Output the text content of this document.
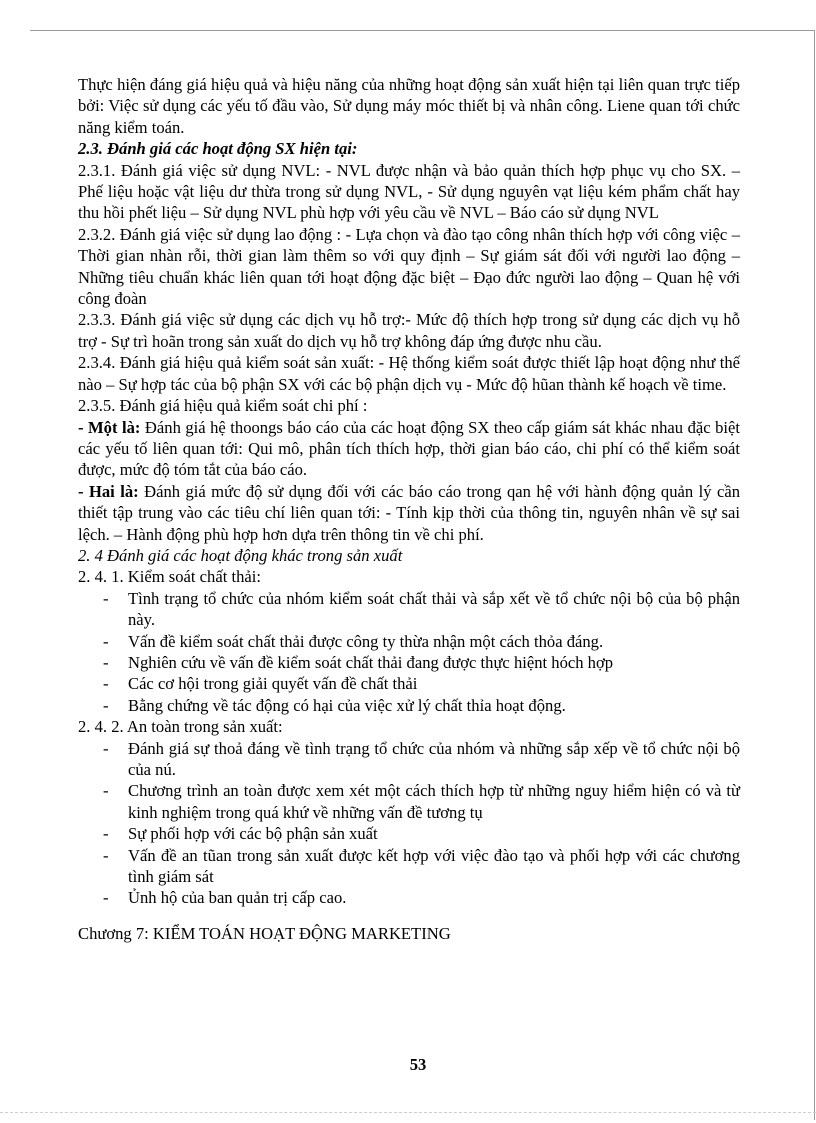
Thực hiện đáng giá hiệu quả và hiệu năng của những hoạt động sản xuất hiện tại liên quan trực tiếp bởi: Việc sử dụng các yếu tố đầu vào, Sử dụng máy móc thiết bị và nhân công. Liene quan tới chức năng kiểm toán.

2.3. Đánh giá các hoạt động SX hiện tại:

2.3.1. Đánh giá việc sử dụng NVL: - NVL được nhận và bảo quản thích hợp phục vụ cho SX. – Phế liệu hoặc vật liệu dư thừa trong sử dụng NVL, - Sử dụng nguyên vạt liệu kém phẩm chất hay thu hồi phết liệu – Sử dụng NVL phù hợp với yêu cầu về NVL – Báo cáo sử dụng NVL

2.3.2. Đánh giá việc sử dụng lao động : - Lựa chọn và đào tạo công nhân thích hợp với công việc – Thời gian nhàn rỗi, thời gian làm thêm so với quy định – Sự giám sát đối với người lao động – Những tiêu chuẩn khác liên quan tới hoạt động đặc biệt – Đạo đức người lao động – Quan hệ với công đoàn

2.3.3. Đánh giá việc sử dụng các dịch vụ hỗ trợ:- Mức độ thích hợp trong sử dụng các dịch vụ hỗ trợ - Sự trì hoãn trong sản xuất do dịch vụ hỗ trợ không đáp ứng được nhu cầu.

2.3.4. Đánh giá hiệu quả kiểm soát sản xuất: - Hệ thống kiểm soát được thiết lập hoạt động như thế nào – Sự hợp tác của bộ phận SX với các bộ phận dịch vụ - Mức độ hũan thành kế hoạch về time.

2.3.5. Đánh giá hiệu quả kiểm soát chi phí :

- Một là: Đánh giá hệ thoongs báo cáo của các hoạt động SX theo cấp giám sát khác nhau đặc biệt các yếu tố liên quan tới: Qui mô, phân tích thích hợp, thời gian báo cáo, chi phí có thể kiểm soát được, mức độ tóm tắt của báo cáo.

- Hai là: Đánh giá mức độ sử dụng đối với các báo cáo trong qan hệ với hành động quản lý cần thiết tập trung vào các tiêu chí liên quan tới: - Tính kịp thời của thông tin, nguyên nhân về sự sai lệch. – Hành động phù hợp hơn dựa trên thông tin về chi phí.

2. 4 Đánh giá các hoạt động khác trong sản xuất

2. 4. 1. Kiểm soát chất thải:

- Tình trạng tổ chức của nhóm kiểm soát chất thải và sắp xết về tổ chức nội bộ của bộ phận này.
- Vấn đề kiểm soát chất thải được công ty thừa nhận một cách thỏa đáng.
- Nghiên cứu về vấn đề kiểm soát chất thải đang được thực hiệnt hóch hợp
- Các cơ hội trong giải quyết vấn đề chất thải
- Bằng chứng về tác động có hại của việc xử lý chất thỉa hoạt động.

2. 4. 2. An toàn trong sản xuất:

- Đánh giá sự thoả đáng về tình trạng tổ chức của nhóm và những sắp xếp về tổ chức nội bộ của nú.
- Chương trình an toàn được xem xét một cách thích hợp từ những nguy hiểm hiện có và từ kinh nghiệm trong quá khứ về những vấn đề tương tụ
- Sự phối hợp với các bộ phận sản xuất
- Vấn đề an tũan trong sản xuất được kết hợp với việc đào tạo và phối hợp với các chương tình giám sát
- Ủnh hộ của ban quản trị cấp cao.

Chương 7: KIỂM TOÁN HOẠT ĐỘNG MARKETING

53
